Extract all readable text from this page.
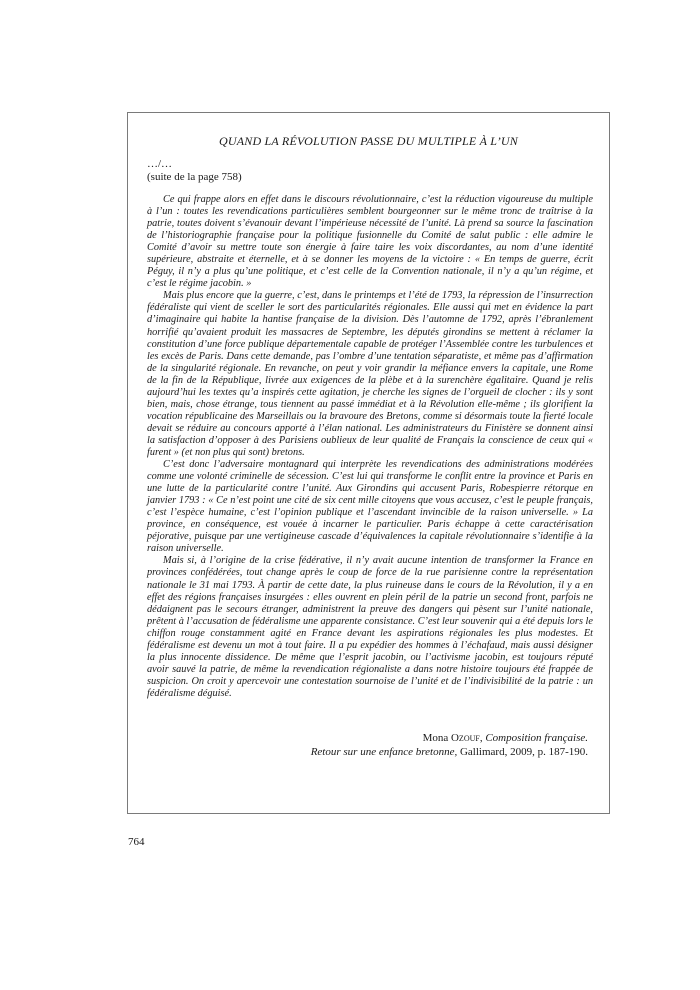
QUAND LA RÉVOLUTION PASSE DU MULTIPLE À L’UN
…/…
(suite de la page 758)

Ce qui frappe alors en effet dans le discours révolutionnaire, c’est la réduction vigoureuse du multiple à l’un : toutes les revendications particulières semblent bourgeonner sur le même tronc de traîtrise à la patrie, toutes doivent s’évanouir devant l’impérieuse nécessité de l’unité. Là prend sa source la fascination de l’historiographie française pour la politique fusionnelle du Comité de salut public : elle admire le Comité d’avoir su mettre toute son énergie à faire taire les voix discordantes, au nom d’une identité supérieure, abstraite et éternelle, et à se donner les moyens de la victoire : « En temps de guerre, écrit Péguy, il n’y a plus qu’une politique, et c’est celle de la Convention nationale, il n’y a qu’un régime, et c’est le régime jacobin. »

Mais plus encore que la guerre, c’est, dans le printemps et l’été de 1793, la répression de l’insurrection fédéraliste qui vient de sceller le sort des particularités régionales. Elle aussi qui met en évidence la part d’imaginaire qui habite la hantise française de la division. Dès l’automne de 1792, après l’ébranlement horrifié qu’avaient produit les massacres de Septembre, les députés girondins se mettent à réclamer la constitution d’une force publique départementale capable de protéger l’Assemblée contre les turbulences et les excès de Paris. Dans cette demande, pas l’ombre d’une tentation séparatiste, et même pas d’affirmation de la singularité régionale. En revanche, on peut y voir grandir la méfiance envers la capitale, une Rome de la fin de la République, livrée aux exigences de la plèbe et à la surenchère égalitaire. Quand je relis aujourd’hui les textes qu’a inspirés cette agitation, je cherche les signes de l’orgueil de clocher : ils y sont bien, mais, chose étrange, tous tiennent au passé immédiat et à la Révolution elle-même ; ils glorifient la vocation républicaine des Marseillais ou la bravoure des Bretons, comme si désormais toute la fierté locale devait se réduire au concours apporté à l’élan national. Les administrateurs du Finistère se donnent ainsi la satisfaction d’opposer à des Parisiens oublieux de leur qualité de Français la conscience de ceux qui « furent » (et non plus qui sont) bretons.

C’est donc l’adversaire montagnard qui interprète les revendications des administrations modérées comme une volonté criminelle de sécession. C’est lui qui transforme le conflit entre la province et Paris en une lutte de la particularité contre l’unité. Aux Girondins qui accusent Paris, Robespierre rétorque en janvier 1793 : « Ce n’est point une cité de six cent mille citoyens que vous accusez, c’est le peuple français, c’est l’espèce humaine, c’est l’opinion publique et l’ascendant invincible de la raison universelle. » La province, en conséquence, est vouée à incarner le particulier. Paris échappe à cette caractérisation péjorative, puisque par une vertigineuse cascade d’équivalences la capitale révolutionnaire s’identifie à la raison universelle.

Mais si, à l’origine de la crise fédérative, il n’y avait aucune intention de transformer la France en provinces confédérées, tout change après le coup de force de la rue parisienne contre la représentation nationale le 31 mai 1793. À partir de cette date, la plus ruineuse dans le cours de la Révolution, il y a en effet des régions françaises insurgées : elles ouvrent en plein péril de la patrie un second front, parfois ne dédaignent pas le secours étranger, administrent la preuve des dangers qui pèsent sur l’unité nationale, prêtent à l’accusation de fédéralisme une apparente consistance. C’est leur souvenir qui a été depuis lors le chiffon rouge constamment agité en France devant les aspirations régionales les plus modestes. Et fédéralisme est devenu un mot à tout faire. Il a pu expédier des hommes à l’échafaud, mais aussi désigner la plus innocente dissidence. De même que l’esprit jacobin, ou l’activisme jacobin, est toujours réputé avoir sauvé la patrie, de même la revendication régionaliste a dans notre histoire toujours été frappée de suspicion. On croit y apercevoir une contestation sournoise de l’unité et de l’indivisibilité de la patrie : un fédéralisme déguisé.

Mona Ozouf, Composition française.
Retour sur une enfance bretonne, Gallimard, 2009, p. 187-190.
764
